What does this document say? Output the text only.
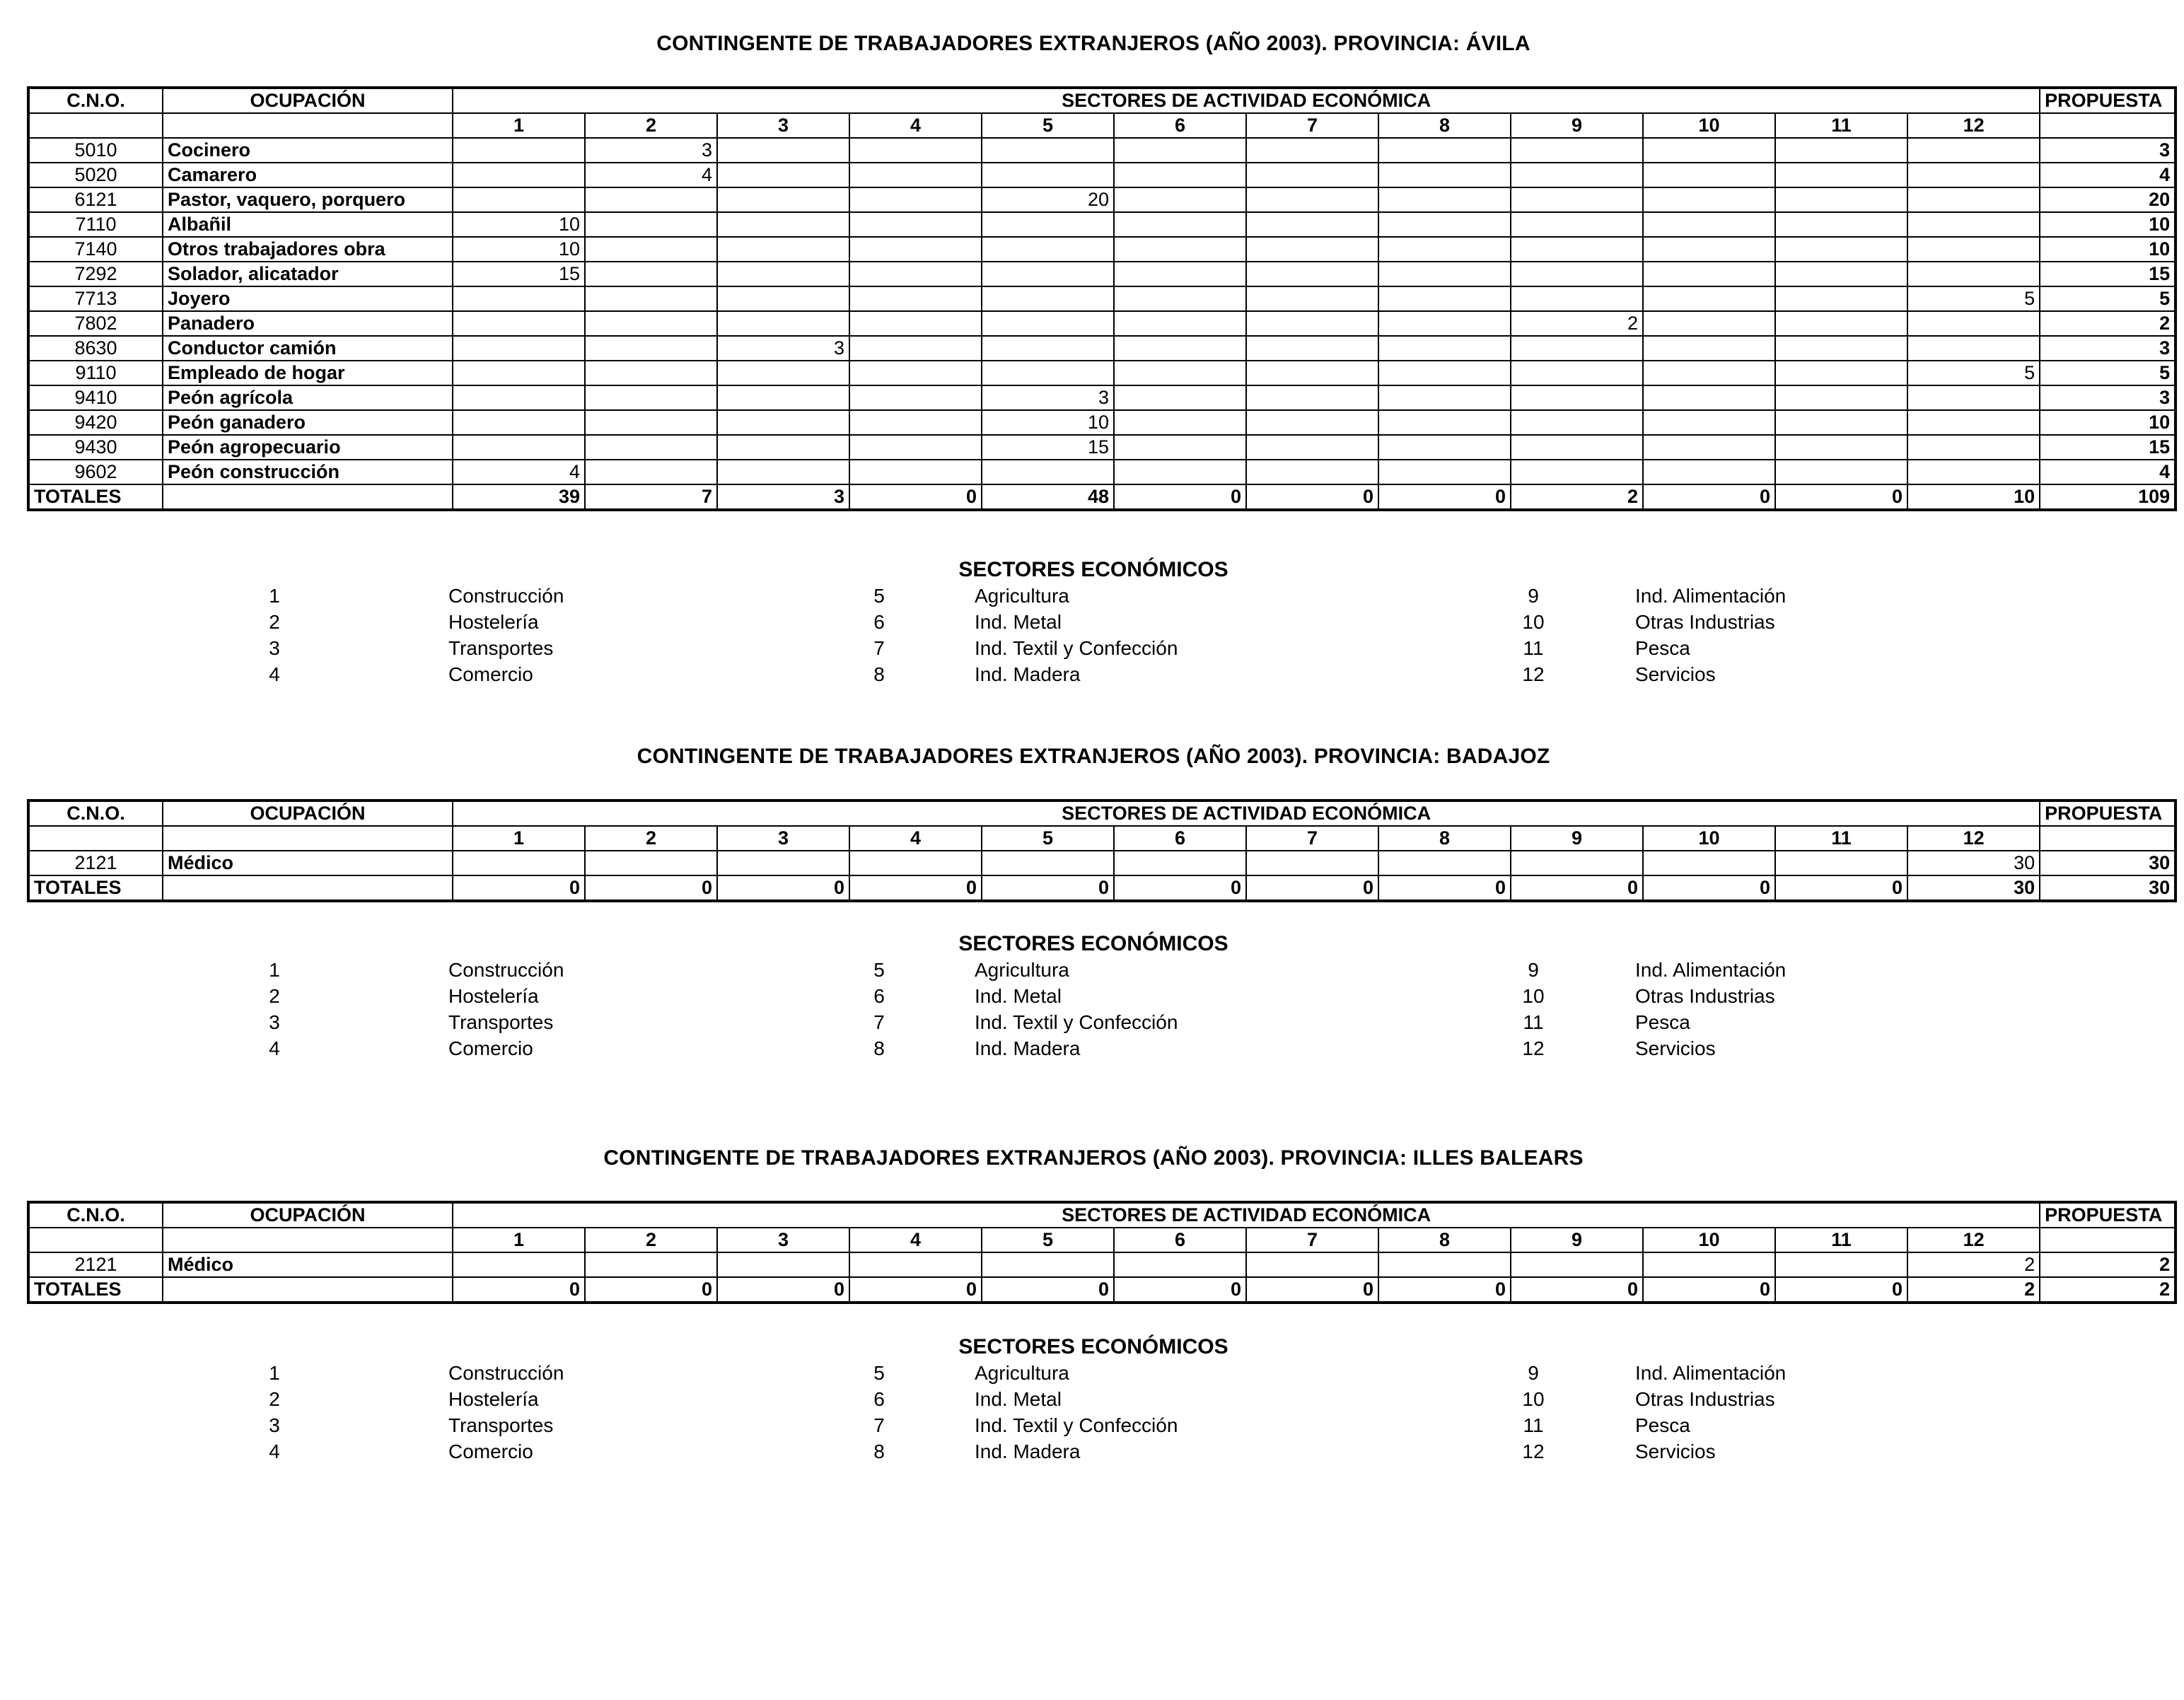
CONTINGENTE DE TRABAJADORES EXTRANJEROS (AÑO 2003). PROVINCIA: ÁVILA
C.N.O.	OCUPACIÓN	SECTORES DE ACTIVIDAD ECONÓMICA												PROPUESTA
		1	2	3	4	5	6	7	8	9	10	11	12	
5010	Cocinero		3											3
5020	Camarero		4											4
6121	Pastor, vaquero, porquero					20								20
7110	Albañil	10												10
7140	Otros trabajadores obra	10												10
7292	Solador, alicatador	15												15
7713	Joyero												5	5
7802	Panadero									2				2
8630	Conductor camión			3										3
9110	Empleado de hogar												5	5
9410	Peón agrícola					3								3
9420	Peón ganadero					10								10
9430	Peón agropecuario					15								15
9602	Peón construcción	4												4
TOTALES		39	7	3	0	48	0	0	0	2	0	0	10	109
SECTORES ECONÓMICOS
1	Construcción
2	Hostelería
3	Transportes
4	Comercio
5	Agricultura
6	Ind. Metal
7	Ind. Textil y Confección
8	Ind. Madera
9	Ind. Alimentación
10	Otras Industrias
11	Pesca
12	Servicios
CONTINGENTE DE TRABAJADORES EXTRANJEROS (AÑO 2003). PROVINCIA: BADAJOZ
C.N.O.	OCUPACIÓN	SECTORES DE ACTIVIDAD ECONÓMICA												PROPUESTA
		1	2	3	4	5	6	7	8	9	10	11	12	
2121	Médico												30	30
TOTALES		0	0	0	0	0	0	0	0	0	0	0	30	30
SECTORES ECONÓMICOS
1	Construcción
2	Hostelería
3	Transportes
4	Comercio
5	Agricultura
6	Ind. Metal
7	Ind. Textil y Confección
8	Ind. Madera
9	Ind. Alimentación
10	Otras Industrias
11	Pesca
12	Servicios
CONTINGENTE DE TRABAJADORES EXTRANJEROS (AÑO 2003). PROVINCIA: ILLES BALEARS
C.N.O.	OCUPACIÓN	SECTORES DE ACTIVIDAD ECONÓMICA												PROPUESTA
		1	2	3	4	5	6	7	8	9	10	11	12	
2121	Médico												2	2
TOTALES		0	0	0	0	0	0	0	0	0	0	0	2	2
SECTORES ECONÓMICOS
1	Construcción
2	Hostelería
3	Transportes
4	Comercio
5	Agricultura
6	Ind. Metal
7	Ind. Textil y Confección
8	Ind. Madera
9	Ind. Alimentación
10	Otras Industrias
11	Pesca
12	Servicios
